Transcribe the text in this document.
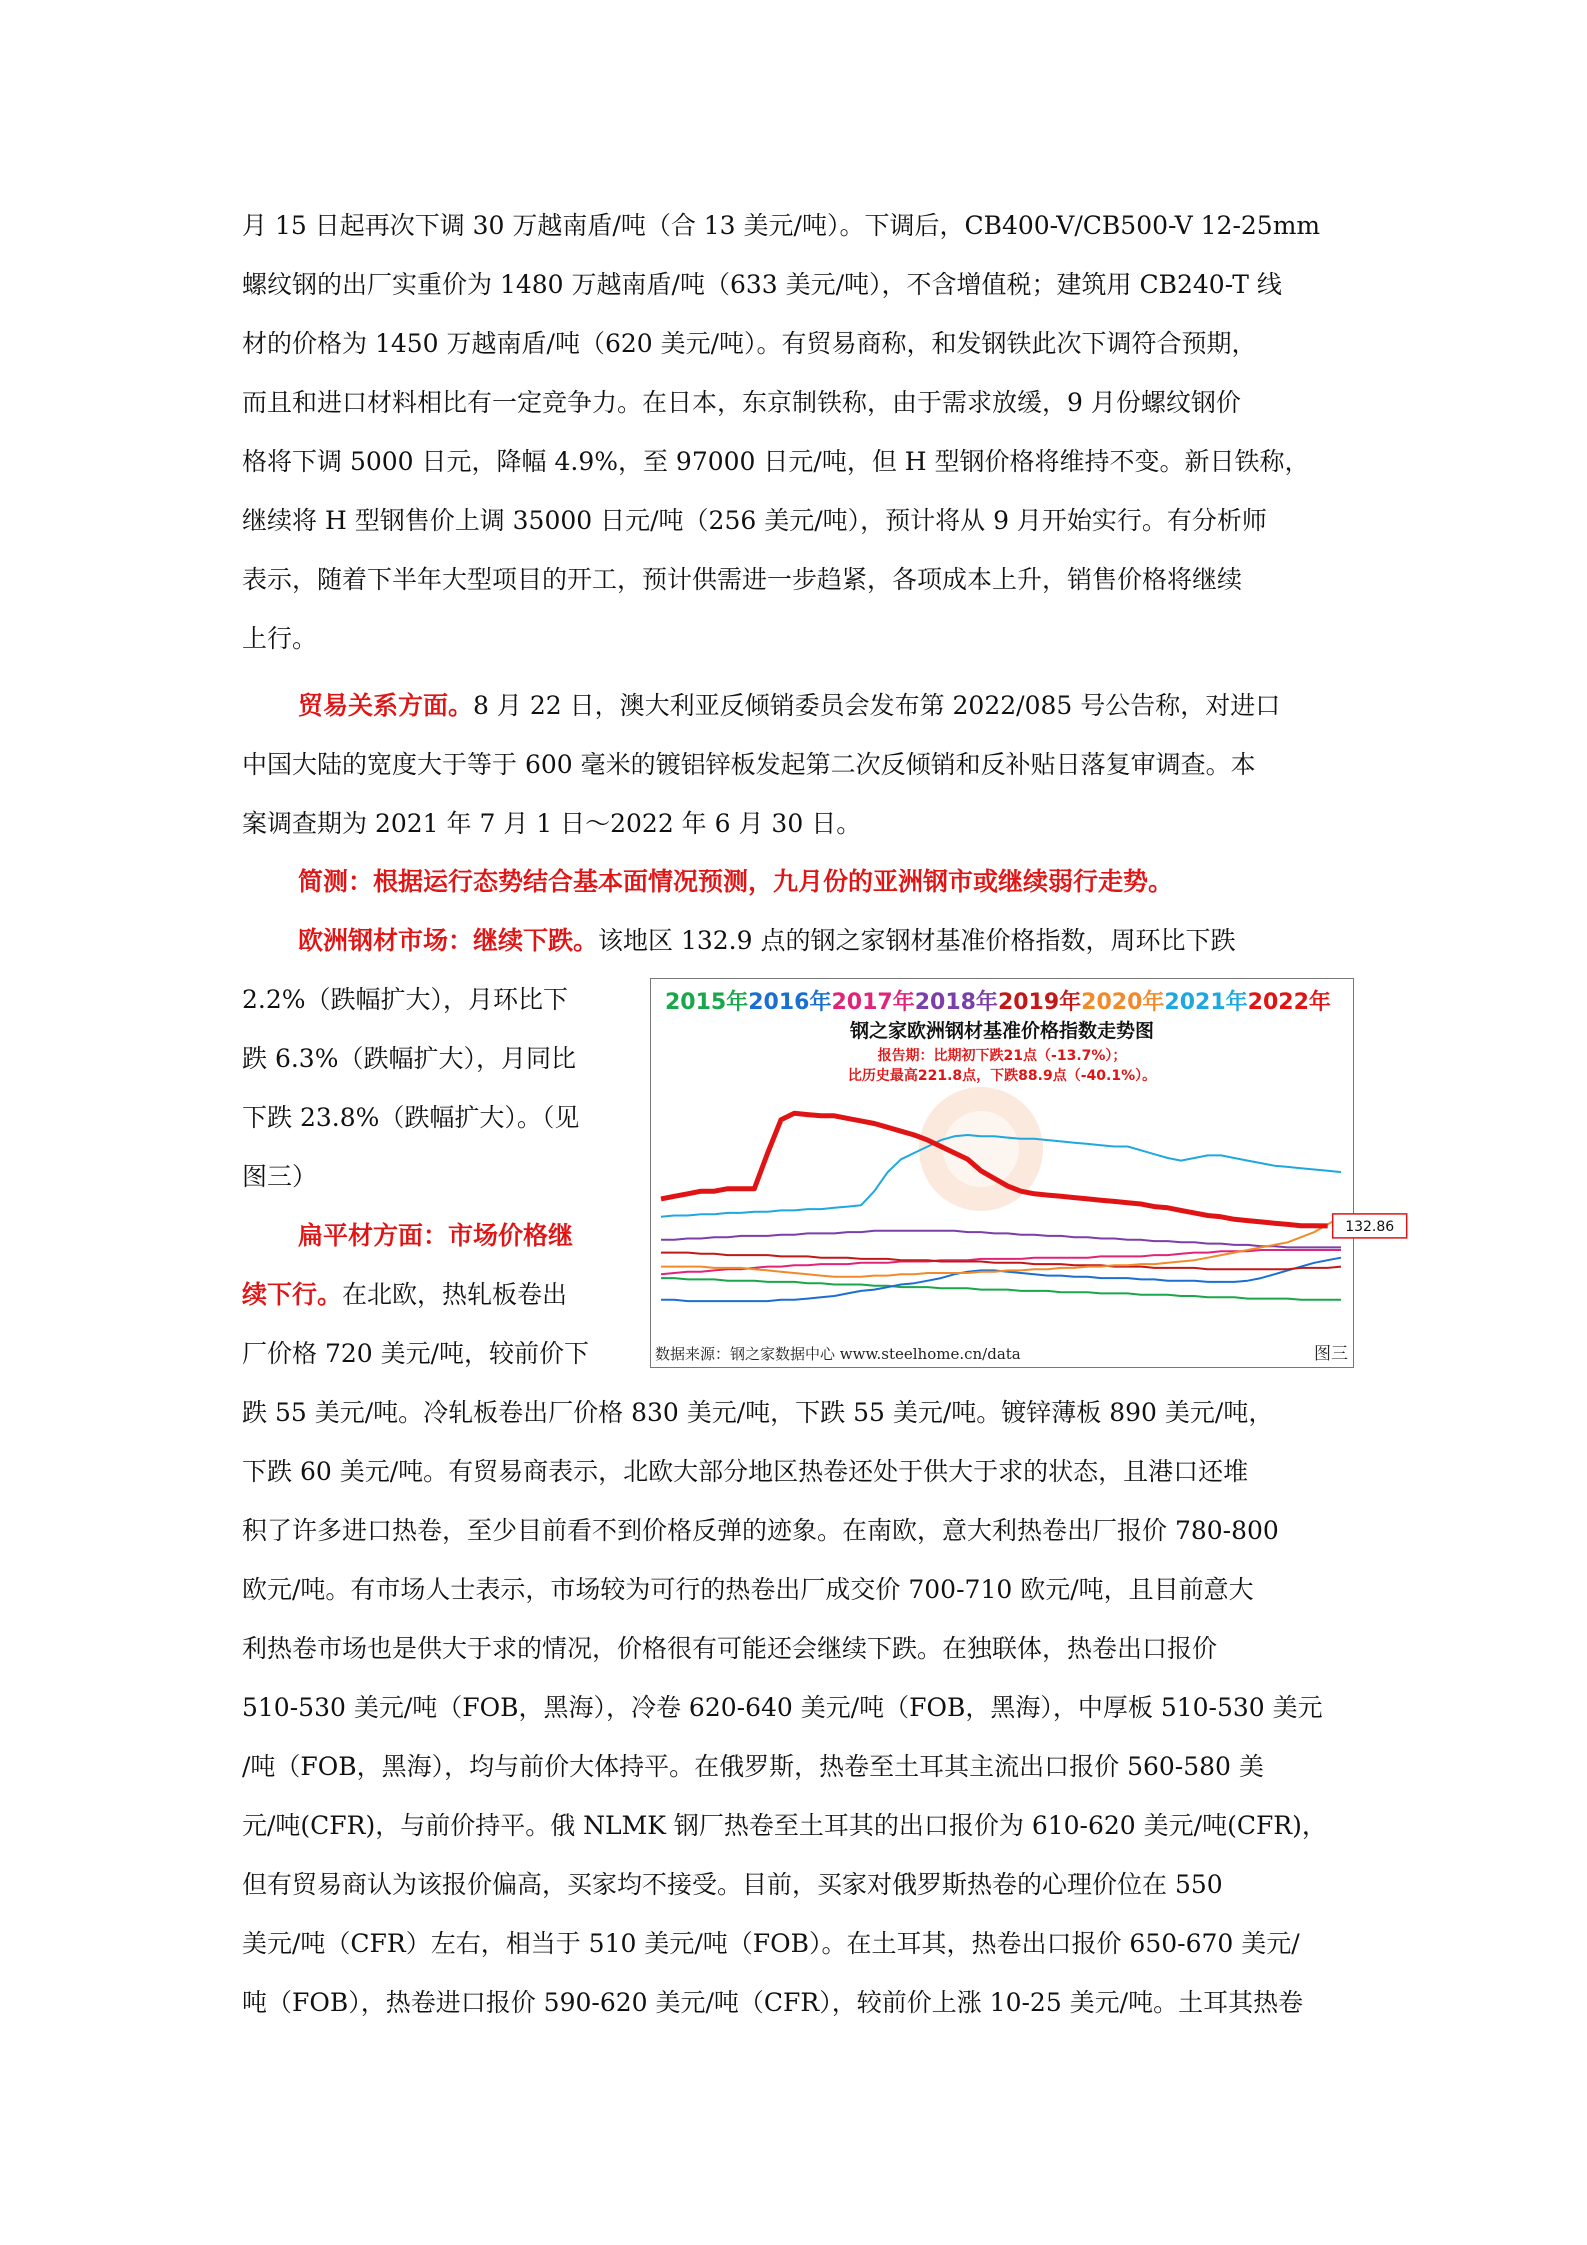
月 15 日起再次下调 30 万越南盾/吨（合 13 美元/吨）。下调后，CB400-V/CB500-V 12-25mm

螺纹钢的出厂实重价为 1480 万越南盾/吨（633 美元/吨），不含增值税；建筑用 CB240-T 线

材的价格为 1450 万越南盾/吨（620 美元/吨）。有贸易商称，和发钢铁此次下调符合预期，

而且和进口材料相比有一定竞争力。在日本，东京制铁称，由于需求放缓，9 月份螺纹钢价

格将下调 5000 日元，降幅 4.9%，至 97000 日元/吨，但 H 型钢价格将维持不变。新日铁称，

继续将 H 型钢售价上调 35000 日元/吨（256 美元/吨），预计将从 9 月开始实行。有分析师

表示，随着下半年大型项目的开工，预计供需进一步趋紧，各项成本上升，销售价格将继续

上行。

贸易关系方面。8 月 22 日，澳大利亚反倾销委员会发布第 2022/085 号公告称，对进口

中国大陆的宽度大于等于 600 毫米的镀铝锌板发起第二次反倾销和反补贴日落复审调查。本

案调查期为 2021 年 7 月 1 日～2022 年 6 月 30 日。

简测：根据运行态势结合基本面情况预测，九月份的亚洲钢市或继续弱行走势。

欧洲钢材市场：继续下跌。该地区 132.9 点的钢之家钢材基准价格指数，周环比下跌

2.2%（跌幅扩大），月环比下

跌 6.3%（跌幅扩大），月同比

下跌 23.8%（跌幅扩大）。（见

图三）

扁平材方面：市场价格继

续下行。在北欧，热轧板卷出

厂价格 720 美元/吨，较前价下

跌 55 美元/吨。冷轧板卷出厂价格 830 美元/吨，下跌 55 美元/吨。镀锌薄板 890 美元/吨，

下跌 60 美元/吨。有贸易商表示，北欧大部分地区热卷还处于供大于求的状态，且港口还堆

积了许多进口热卷，至少目前看不到价格反弹的迹象。在南欧，意大利热卷出厂报价 780-800

欧元/吨。有市场人士表示，市场较为可行的热卷出厂成交价 700-710 欧元/吨，且目前意大

利热卷市场也是供大于求的情况，价格很有可能还会继续下跌。在独联体，热卷出口报价

510-530 美元/吨（FOB，黑海），冷卷 620-640 美元/吨（FOB，黑海），中厚板 510-530 美元

/吨（FOB，黑海），均与前价大体持平。在俄罗斯，热卷至土耳其主流出口报价 560-580 美

元/吨(CFR)，与前价持平。俄 NLMK 钢厂热卷至土耳其的出口报价为 610-620 美元/吨(CFR)，

但有贸易商认为该报价偏高，买家均不接受。目前，买家对俄罗斯热卷的心理价位在 550

美元/吨（CFR）左右，相当于 510 美元/吨（FOB）。在土耳其，热卷出口报价 650-670 美元/

吨（FOB），热卷进口报价 590-620 美元/吨（CFR），较前价上涨 10-25 美元/吨。土耳其热卷

2015年2016年2017年2018年2019年2020年2021年2022年
钢之家欧洲钢材基准价格指数走势图
报告期：比期初下跌21点（-13.7%）；
比历史最高221.8点，下跌88.9点（-40.1%）。
132.86
数据来源：钢之家数据中心 www.steelhome.cn/data	图三
